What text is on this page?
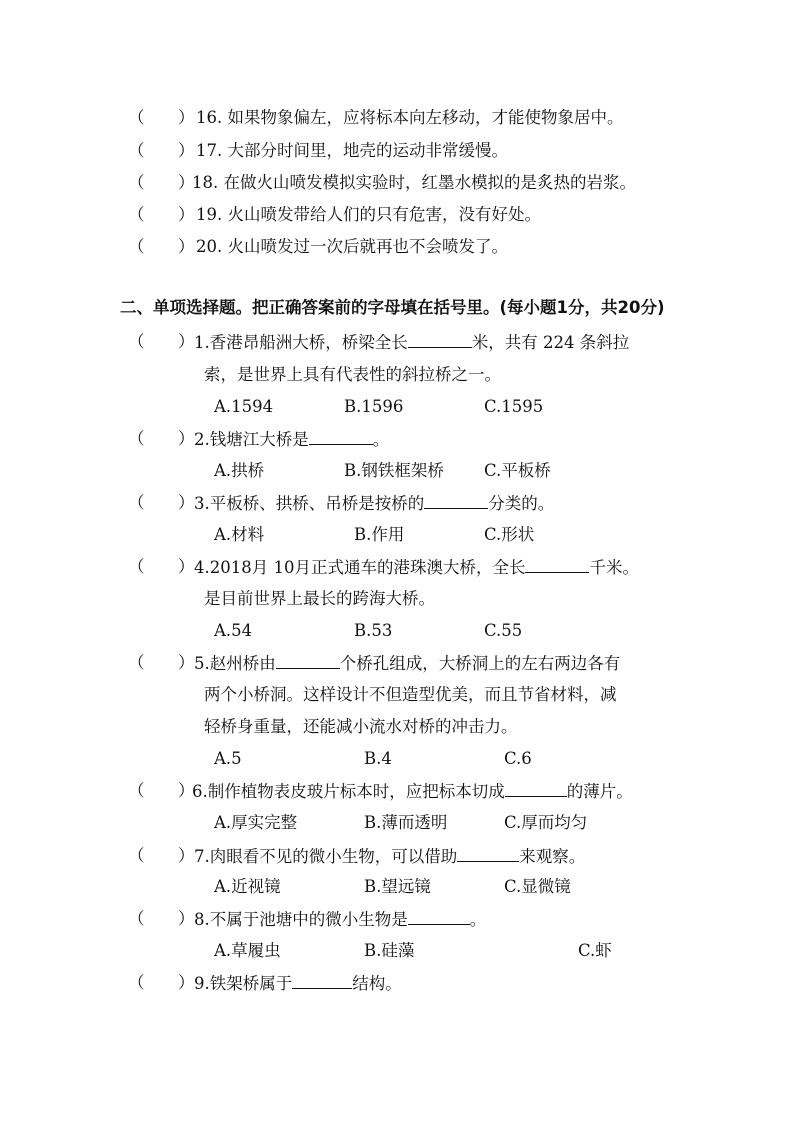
（ ） 16. 如果物象偏左，应将标本向左移动，才能使物象居中。
（ ） 17. 大部分时间里，地壳的运动非常缓慢。
（ ）
18. 在做火山喷发模拟实验时，红墨水模拟的是炙热的岩浆。
（ ） 19. 火山喷发带给人们的只有危害，没有好处。
（ ） 20. 火山喷发过一次后就再也不会喷发了。
二、单项选择题。把正确答案前的字母填在括号里。(每小题1分，共20分)
（ ） 1.香港昂船洲大桥，桥梁全长	米，共有 224 条斜拉
索，是世界上具有代表性的斜拉桥之一。
A.1594	B.1596	C.1595
（ ） 2.钱塘江大桥是	。
A.拱桥	B.钢铁框架桥 C.平板桥
（ ） 3.平板桥、拱桥、吊桥是按桥的	分类的。
A.材料	B.作用	C.形状
（ ） 4.2018月 10月正式通车的港珠澳大桥，全长	千米。
是目前世界上最长的跨海大桥。
A.54	B.53	C.55
（ ） 5.赵州桥由	个桥孔组成，大桥洞上的左右两边各有
两个小桥洞。这样设计不但造型优美，而且节省材料，减
轻桥身重量，还能减小流水对桥的冲击力。
A.5	B.4	C.6
（ ）
6.制作植物表皮玻片标本时，应把标本切成	的薄片。
A.厚实完整	B.薄而透明	C.厚而均匀
（ ） 7.肉眼看不见的微小生物，可以借助	来观察。
A.近视镜	B.望远镜	C.显微镜
（ ） 8.不属于池塘中的微小生物是	。
A.草履虫	B.硅藻	C.虾
（ ） 9.铁架桥属于	结构。
